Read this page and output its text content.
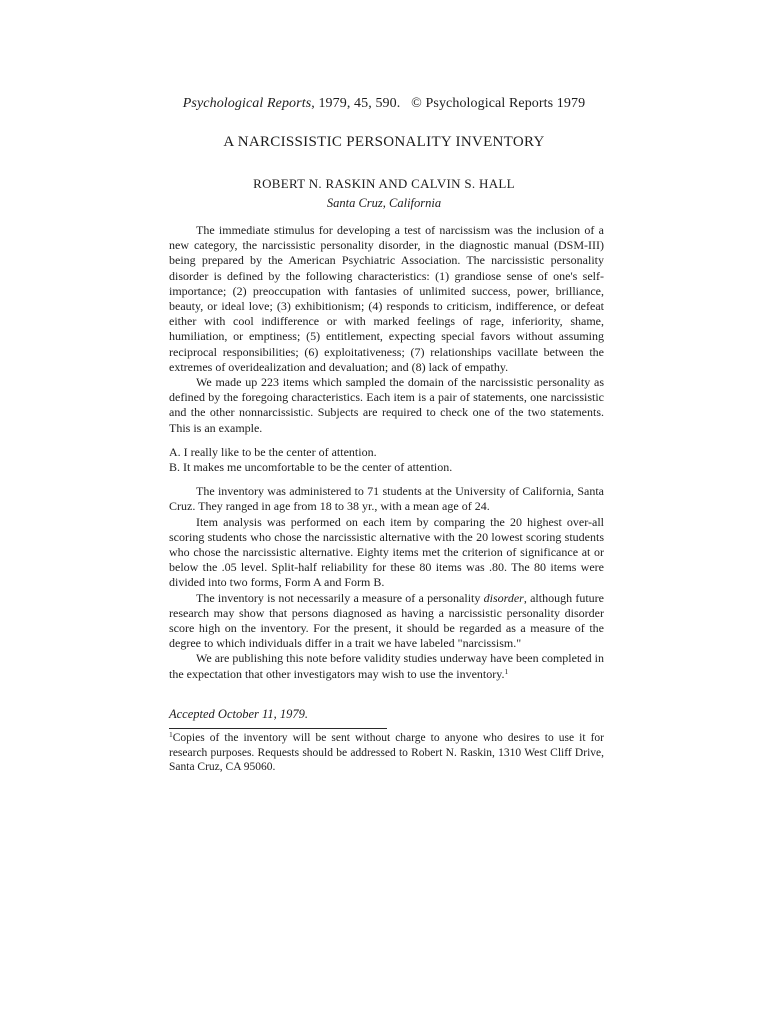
Psychological Reports, 1979, 45, 590. © Psychological Reports 1979
A NARCISSISTIC PERSONALITY INVENTORY
ROBERT N. RASKIN AND CALVIN S. HALL
Santa Cruz, California

The immediate stimulus for developing a test of narcissism was the inclusion of a new category, the narcissistic personality disorder, in the diagnostic manual (DSM-III) being prepared by the American Psychiatric Association. The narcissistic personality disorder is defined by the following characteristics: (1) grandiose sense of one's self-importance; (2) preoccupation with fantasies of unlimited success, power, brilliance, beauty, or ideal love; (3) exhibitionism; (4) responds to criticism, indifference, or defeat either with cool indifference or with marked feelings of rage, inferiority, shame, humiliation, or emptiness; (5) entitlement, expecting special favors without assuming reciprocal responsibilities; (6) exploitativeness; (7) relationships vacillate between the extremes of overidealization and devaluation; and (8) lack of empathy.

We made up 223 items which sampled the domain of the narcissistic personality as defined by the foregoing characteristics. Each item is a pair of statements, one narcissistic and the other nonnarcissistic. Subjects are required to check one of the two statements. This is an example.

A. I really like to be the center of attention.

B. It makes me uncomfortable to be the center of attention.

The inventory was administered to 71 students at the University of California, Santa Cruz. They ranged in age from 18 to 38 yr., with a mean age of 24.

Item analysis was performed on each item by comparing the 20 highest over-all scoring students who chose the narcissistic alternative with the 20 lowest scoring students who chose the narcissistic alternative. Eighty items met the criterion of significance at or below the .05 level. Split-half reliability for these 80 items was .80. The 80 items were divided into two forms, Form A and Form B.

The inventory is not necessarily a measure of a personality disorder, although future research may show that persons diagnosed as having a narcissistic personality disorder score high on the inventory. For the present, it should be regarded as a measure of the degree to which individuals differ in a trait we have labeled "narcissism."

We are publishing this note before validity studies underway have been completed in the expectation that other investigators may wish to use the inventory.$^1$

Accepted October 11, 1979.

$^1$Copies of the inventory will be sent without charge to anyone who desires to use it for research purposes. Requests should be addressed to Robert N. Raskin, 1310 West Cliff Drive, Santa Cruz, CA 95060.
